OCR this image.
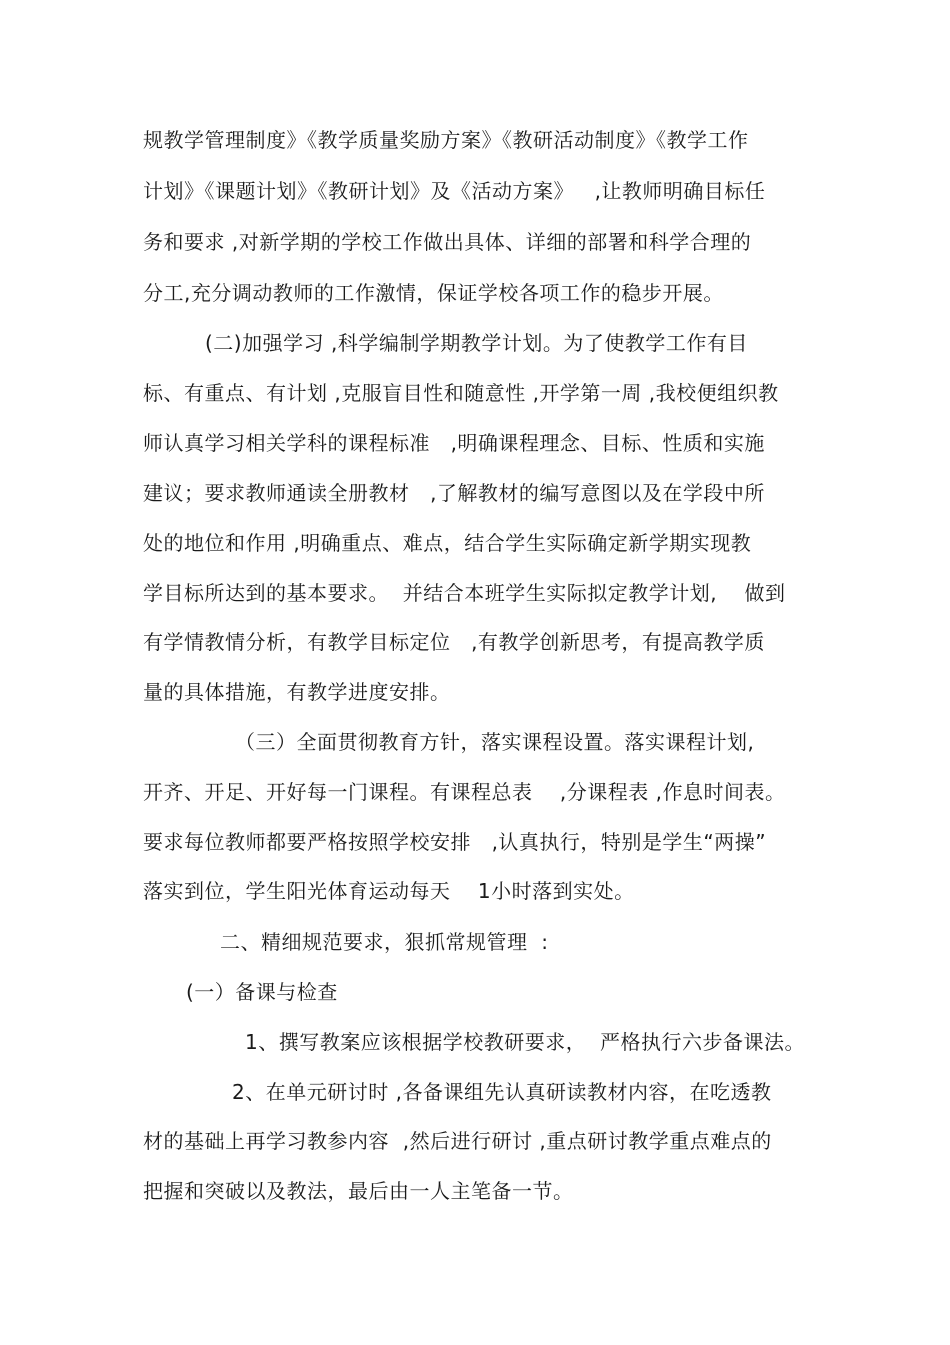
规教学管理制度》《教学质量奖励方案》《教研活动制度》《教学工作
计划》《课题计划》《教研计划》及《活动方案》   ,让教师明确目标任
务和要求 ,对新学期的学校工作做出具体、详细的部署和科学合理的
分工,充分调动教师的工作激情，保证学校各项工作的稳步开展。
(二)加强学习 ,科学编制学期教学计划。为了使教学工作有目
标、有重点、有计划 ,克服盲目性和随意性 ,开学第一周 ,我校便组织教
师认真学习相关学科的课程标准   ,明确课程理念、目标、性质和实施
建议；要求教师通读全册教材   ,了解教材的编写意图以及在学段中所
处的地位和作用 ,明确重点、难点，结合学生实际确定新学期实现教
学目标所达到的基本要求。  并结合本班学生实际拟定教学计划,    做到
有学情教情分析，有教学目标定位   ,有教学创新思考，有提高教学质
量的具体措施，有教学进度安排。
（三）全面贯彻教育方针，落实课程设置。落实课程计划,
开齐、开足、开好每一门课程。有课程总表    ,分课程表 ,作息时间表。
要求每位教师都要严格按照学校安排   ,认真执行，特别是学生“两操”
落实到位，学生阳光体育运动每天    1小时落到实处。
二、精细规范要求，狠抓常规管理  :
(一）备课与检查
1、撰写教案应该根据学校教研要求，  严格执行六步备课法。
2、在单元研讨时 ,各备课组先认真研读教材内容，在吃透教
材的基础上再学习教参内容  ,然后进行研讨 ,重点研讨教学重点难点的
把握和突破以及教法，最后由一人主笔备一节。
